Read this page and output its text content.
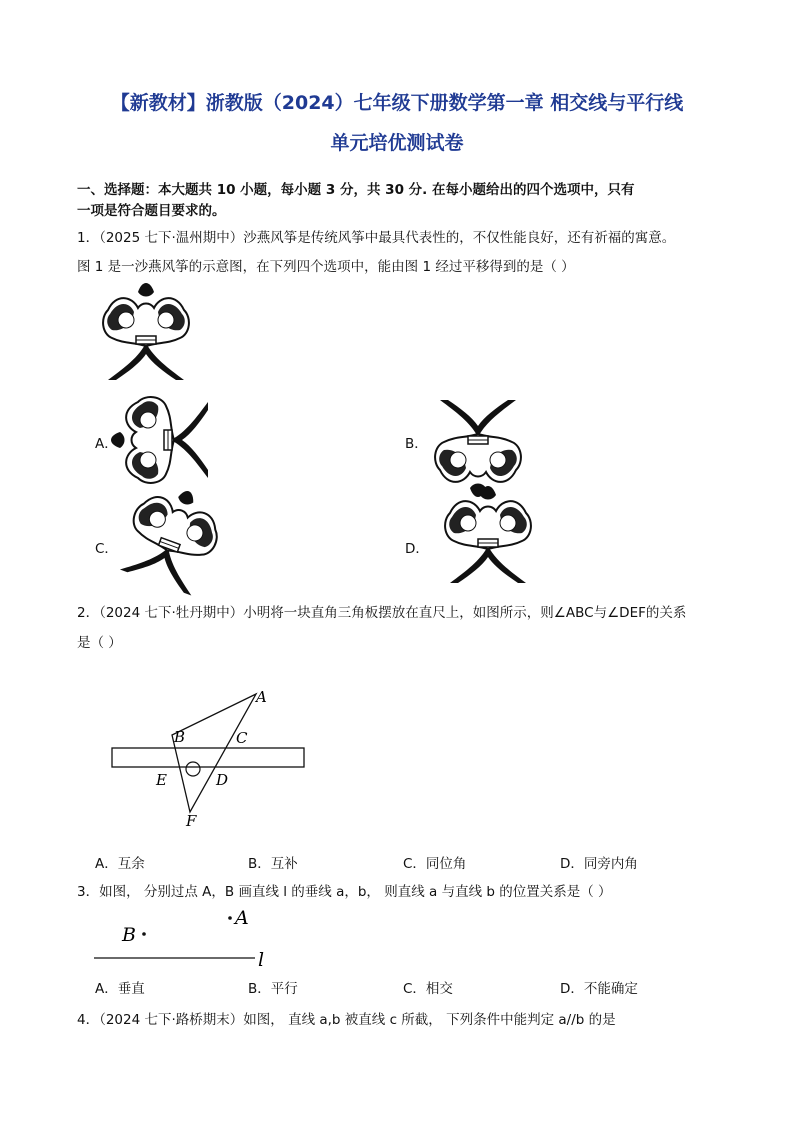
【新教材】浙教版（2024）七年级下册数学第一章 相交线与平行线
单元培优测试卷
一、选择题：本大题共 10 小题，每小题 3 分，共 30 分. 在每小题给出的四个选项中，只有
一项是符合题目要求的。
1．（2025 七下·温州期中）沙燕风筝是传统风筝中最具代表性的，不仅性能良好，还有祈福的寓意。
图 1 是一沙燕风筝的示意图，在下列四个选项中，能由图 1 经过平移得到的是（ ）
A．	B．
C．	D．
2．（2024 七下·牡丹期中）小明将一块直角三角板摆放在直尺上，如图所示，则∠ABC与∠DEF的关系
是（ ）
A
B	C
E	D
F
A．互余	B．互补	C．同位角	D．同旁内角
3．如图， 分别过点 A，B 画直线 l 的垂线 a，b， 则直线 a 与直线 b 的位置关系是（ ）
A
B
l
A．垂直	B．平行	C．相交	D．不能确定
4．（2024 七下·路桥期末）如图， 直线 a,b 被直线 c 所截， 下列条件中能判定 a//b 的是
